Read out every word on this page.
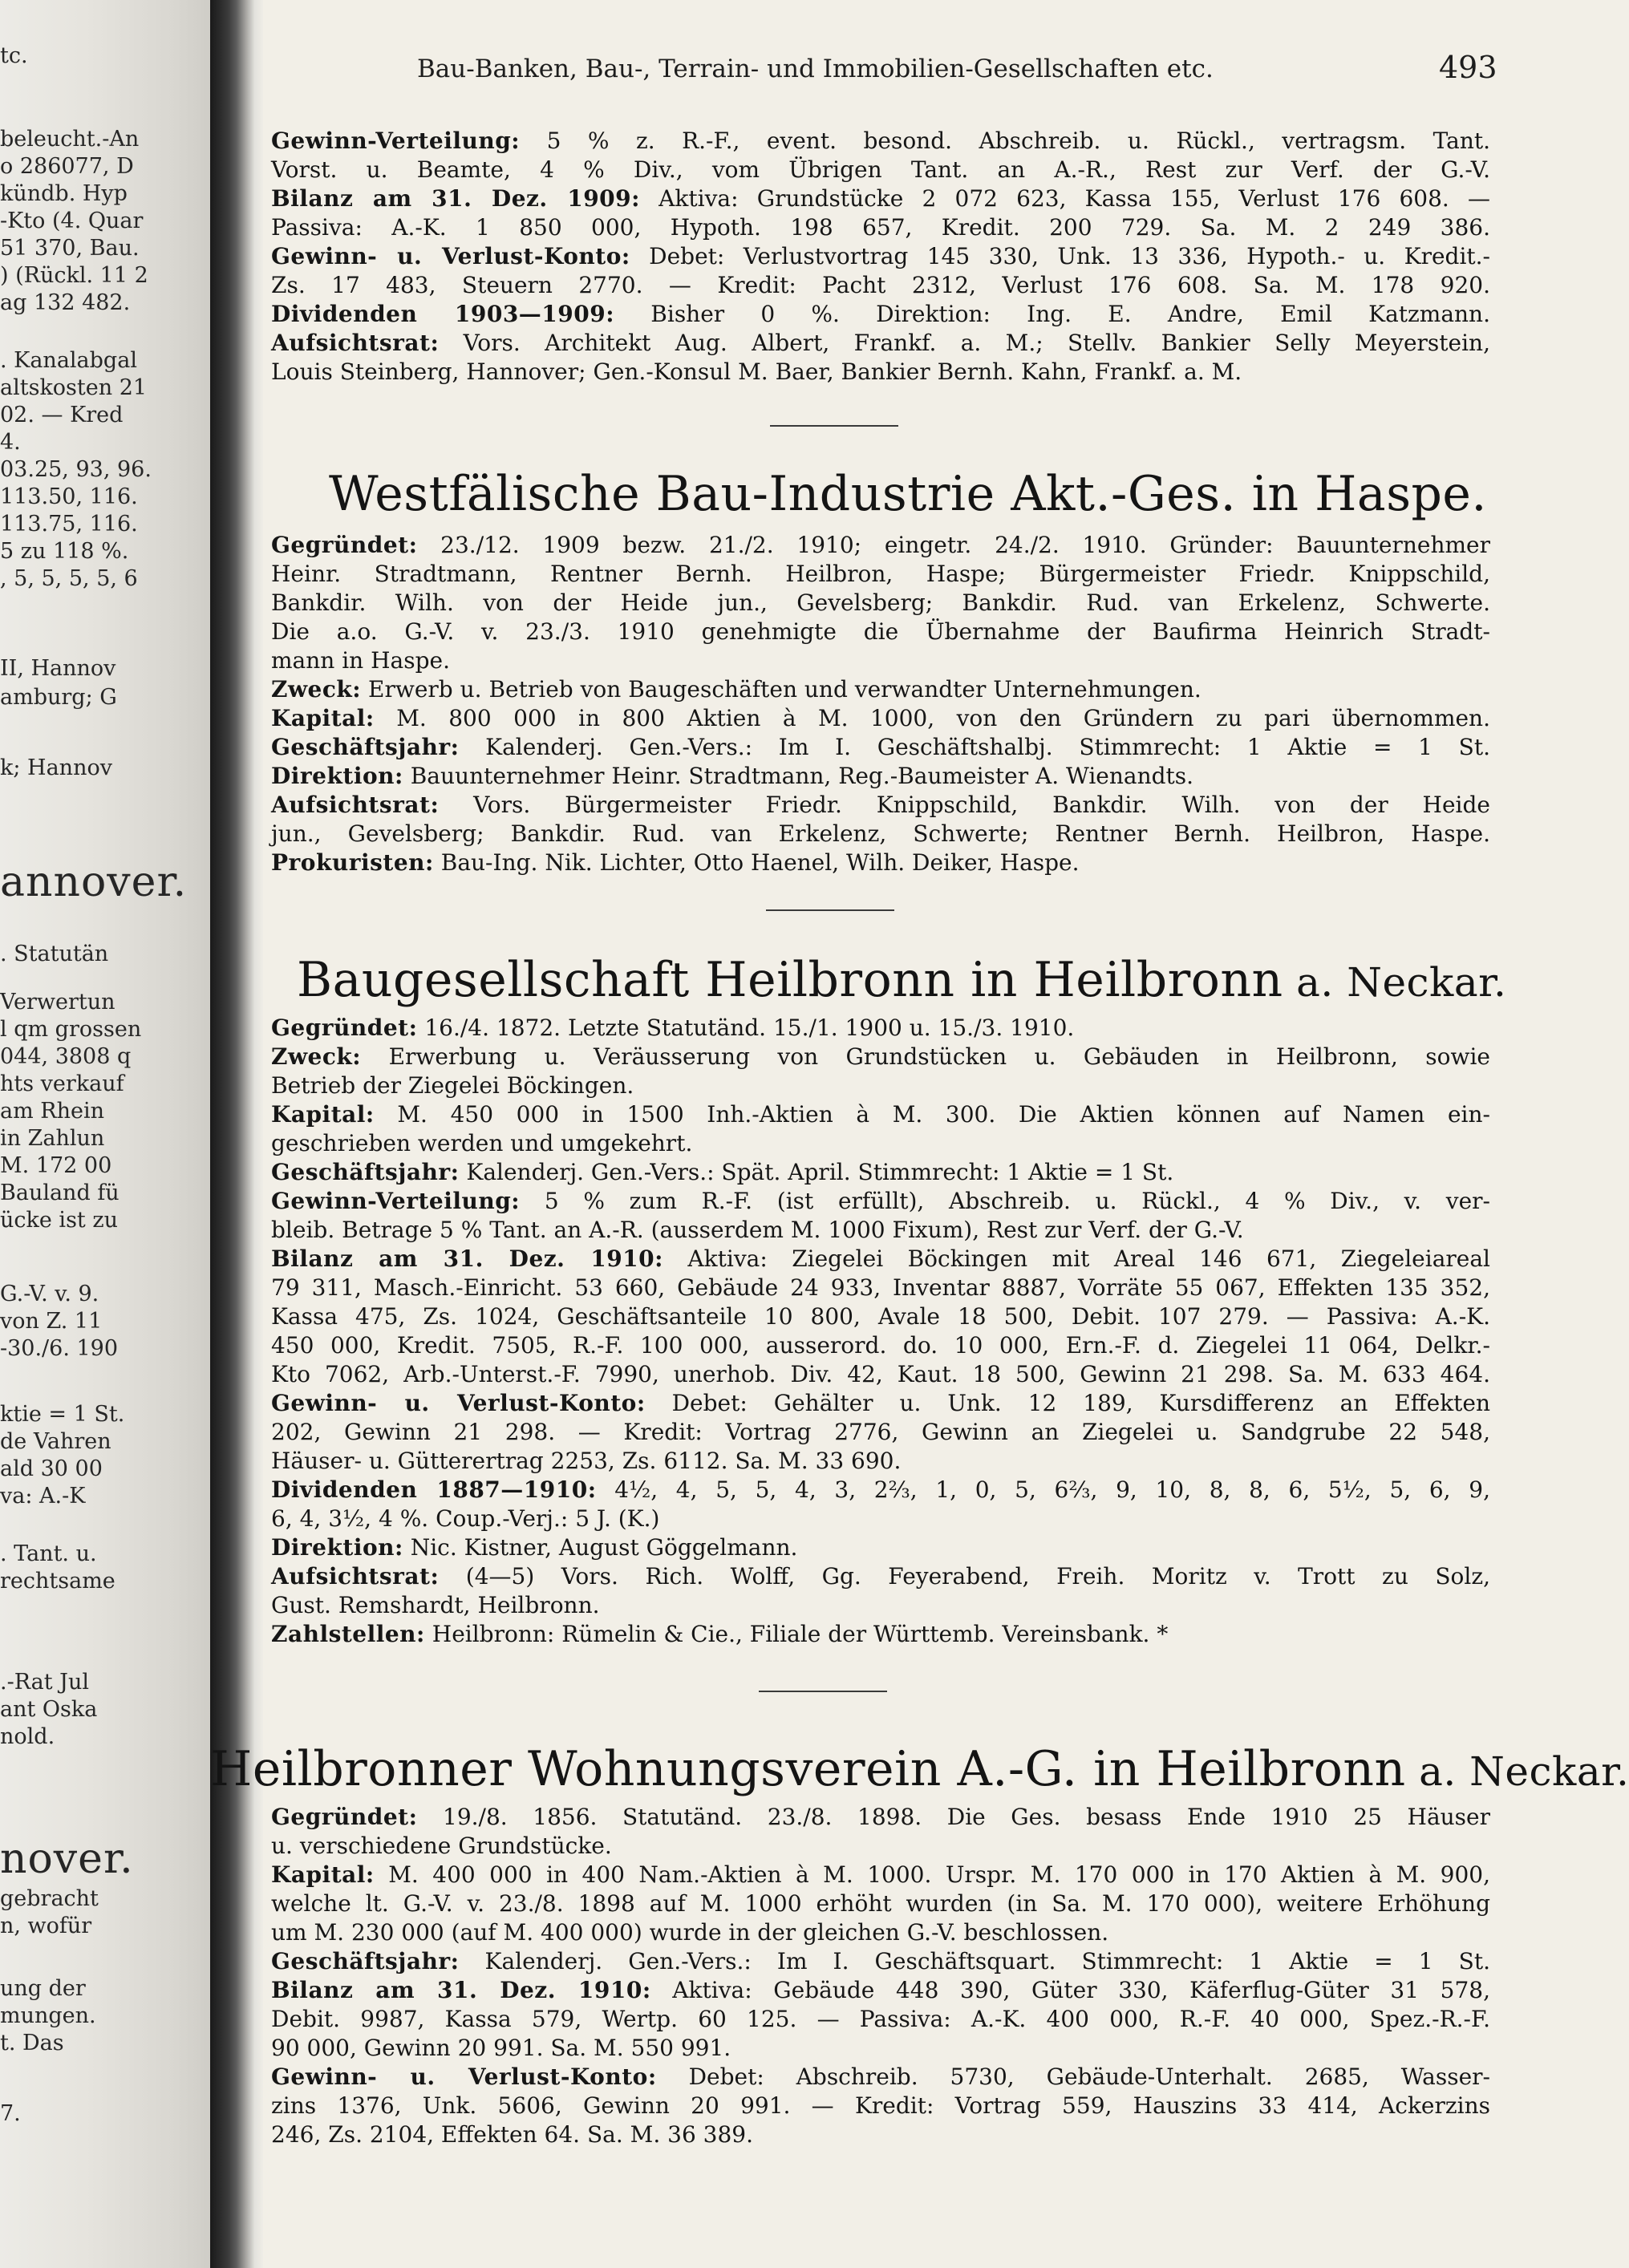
tc.
beleucht.-An
o 286077, D
kündb. Hyp
-Kto (4. Quar
51 370, Bau.
) (Rückl. 11 2
ag 132 482.
. Kanalabgal
altskosten 21
02. — Kred
4.
03.25, 93, 96.
113.50, 116.
113.75, 116.
5 zu 118 %.
, 5, 5, 5, 5, 6
II, Hannov
amburg; G
k; Hannov
annover.
. Statutän
Verwertun
l qm grossen
044, 3808 q
hts verkauf
am Rhein
in Zahlun
M. 172 00
Bauland fü
ücke ist zu
G.-V. v. 9.
von Z. 11
-30./6. 190
ktie = 1 St.
de Vahren
ald 30 00
va: A.-K
. Tant. u.
rechtsame
.-Rat Jul
ant Oska
nold.
nover.
gebracht
n, wofür
ung der
mungen.
t. Das
7.
Bau-Banken, Bau-, Terrain- und Immobilien-Gesellschaften etc.	493
Gewinn-Verteilung: 5 % z. R.-F., event. besond. Abschreib. u. Rückl., vertragsm. Tant.
Vorst. u. Beamte, 4 % Div., vom Übrigen Tant. an A.-R., Rest zur Verf. der G.-V.
Bilanz am 31. Dez. 1909: Aktiva: Grundstücke 2 072 623, Kassa 155, Verlust 176 608. —
Passiva: A.-K. 1 850 000, Hypoth. 198 657, Kredit. 200 729. Sa. M. 2 249 386.
Gewinn- u. Verlust-Konto: Debet: Verlustvortrag 145 330, Unk. 13 336, Hypoth.- u. Kredit.-
Zs. 17 483, Steuern 2770. — Kredit: Pacht 2312, Verlust 176 608. Sa. M. 178 920.
Dividenden 1903—1909: Bisher 0 %. Direktion: Ing. E. Andre, Emil Katzmann.
Aufsichtsrat: Vors. Architekt Aug. Albert, Frankf. a. M.; Stellv. Bankier Selly Meyerstein,
Louis Steinberg, Hannover; Gen.-Konsul M. Baer, Bankier Bernh. Kahn, Frankf. a. M.
Westfälische Bau-Industrie Akt.-Ges. in Haspe.
Gegründet: 23./12. 1909 bezw. 21./2. 1910; eingetr. 24./2. 1910. Gründer: Bauunternehmer
Heinr. Stradtmann, Rentner Bernh. Heilbron, Haspe; Bürgermeister Friedr. Knippschild,
Bankdir. Wilh. von der Heide jun., Gevelsberg; Bankdir. Rud. van Erkelenz, Schwerte.
Die a.o. G.-V. v. 23./3. 1910 genehmigte die Übernahme der Baufirma Heinrich Stradt-
mann in Haspe.
Zweck: Erwerb u. Betrieb von Baugeschäften und verwandter Unternehmungen.
Kapital: M. 800 000 in 800 Aktien à M. 1000, von den Gründern zu pari übernommen.
Geschäftsjahr: Kalenderj. Gen.-Vers.: Im I. Geschäftshalbj. Stimmrecht: 1 Aktie = 1 St.
Direktion: Bauunternehmer Heinr. Stradtmann, Reg.-Baumeister A. Wienandts.
Aufsichtsrat: Vors. Bürgermeister Friedr. Knippschild, Bankdir. Wilh. von der Heide
jun., Gevelsberg; Bankdir. Rud. van Erkelenz, Schwerte; Rentner Bernh. Heilbron, Haspe.
Prokuristen: Bau-Ing. Nik. Lichter, Otto Haenel, Wilh. Deiker, Haspe.
Baugesellschaft Heilbronn in Heilbronn a. Neckar.
Gegründet: 16./4. 1872. Letzte Statutänd. 15./1. 1900 u. 15./3. 1910.
Zweck: Erwerbung u. Veräusserung von Grundstücken u. Gebäuden in Heilbronn, sowie
Betrieb der Ziegelei Böckingen.
Kapital: M. 450 000 in 1500 Inh.-Aktien à M. 300. Die Aktien können auf Namen ein-
geschrieben werden und umgekehrt.
Geschäftsjahr: Kalenderj. Gen.-Vers.: Spät. April. Stimmrecht: 1 Aktie = 1 St.
Gewinn-Verteilung: 5 % zum R.-F. (ist erfüllt), Abschreib. u. Rückl., 4 % Div., v. ver-
bleib. Betrage 5 % Tant. an A.-R. (ausserdem M. 1000 Fixum), Rest zur Verf. der G.-V.
Bilanz am 31. Dez. 1910: Aktiva: Ziegelei Böckingen mit Areal 146 671, Ziegeleiareal
79 311, Masch.-Einricht. 53 660, Gebäude 24 933, Inventar 8887, Vorräte 55 067, Effekten 135 352,
Kassa 475, Zs. 1024, Geschäftsanteile 10 800, Avale 18 500, Debit. 107 279. — Passiva: A.-K.
450 000, Kredit. 7505, R.-F. 100 000, ausserord. do. 10 000, Ern.-F. d. Ziegelei 11 064, Delkr.-
Kto 7062, Arb.-Unterst.-F. 7990, unerhob. Div. 42, Kaut. 18 500, Gewinn 21 298. Sa. M. 633 464.
Gewinn- u. Verlust-Konto: Debet: Gehälter u. Unk. 12 189, Kursdifferenz an Effekten
202, Gewinn 21 298. — Kredit: Vortrag 2776, Gewinn an Ziegelei u. Sandgrube 22 548,
Häuser- u. Gütterertrag 2253, Zs. 6112. Sa. M. 33 690.
Dividenden 1887—1910: 4½, 4, 5, 5, 4, 3, 2⅔, 1, 0, 5, 6⅔, 9, 10, 8, 8, 6, 5½, 5, 6, 9,
6, 4, 3½, 4 %. Coup.-Verj.: 5 J. (K.)
Direktion: Nic. Kistner, August Göggelmann.
Aufsichtsrat: (4—5) Vors. Rich. Wolff, Gg. Feyerabend, Freih. Moritz v. Trott zu Solz,
Gust. Remshardt, Heilbronn.
Zahlstellen: Heilbronn: Rümelin & Cie., Filiale der Württemb. Vereinsbank. *
Heilbronner Wohnungsverein A.-G. in Heilbronn a. Neckar.
Gegründet: 19./8. 1856. Statutänd. 23./8. 1898. Die Ges. besass Ende 1910 25 Häuser
u. verschiedene Grundstücke.
Kapital: M. 400 000 in 400 Nam.-Aktien à M. 1000. Urspr. M. 170 000 in 170 Aktien à M. 900,
welche lt. G.-V. v. 23./8. 1898 auf M. 1000 erhöht wurden (in Sa. M. 170 000), weitere Erhöhung
um M. 230 000 (auf M. 400 000) wurde in der gleichen G.-V. beschlossen.
Geschäftsjahr: Kalenderj. Gen.-Vers.: Im I. Geschäftsquart. Stimmrecht: 1 Aktie = 1 St.
Bilanz am 31. Dez. 1910: Aktiva: Gebäude 448 390, Güter 330, Käferflug-Güter 31 578,
Debit. 9987, Kassa 579, Wertp. 60 125. — Passiva: A.-K. 400 000, R.-F. 40 000, Spez.-R.-F.
90 000, Gewinn 20 991. Sa. M. 550 991.
Gewinn- u. Verlust-Konto: Debet: Abschreib. 5730, Gebäude-Unterhalt. 2685, Wasser-
zins 1376, Unk. 5606, Gewinn 20 991. — Kredit: Vortrag 559, Hauszins 33 414, Ackerzins
246, Zs. 2104, Effekten 64. Sa. M. 36 389.
